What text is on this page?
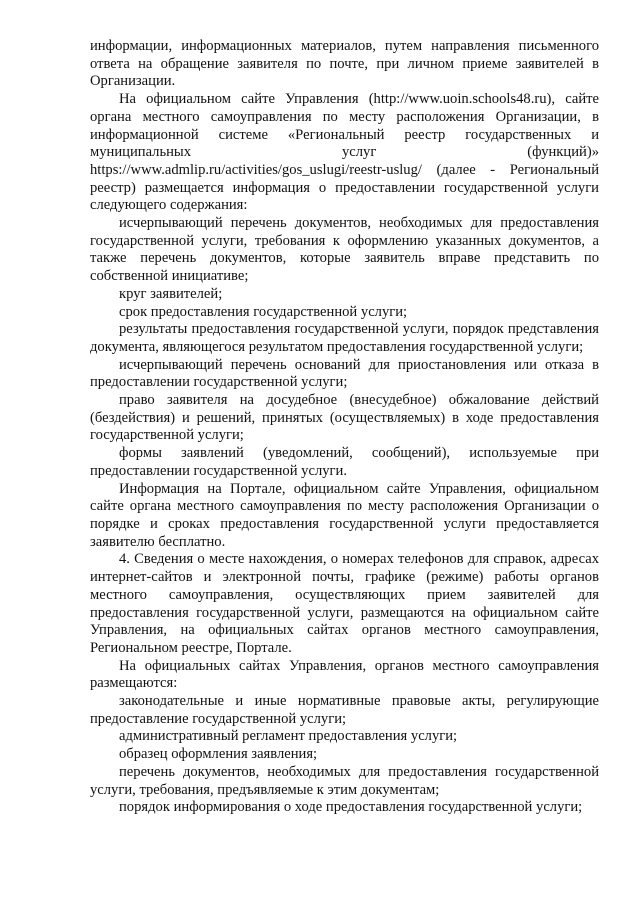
информации, информационных материалов, путем направления письменного ответа на обращение заявителя по почте, при личном приеме заявителей в Организации.

На официальном сайте Управления (http://www.uoin.schools48.ru), сайте органа местного самоуправления по месту расположения Организации, в информационной системе «Региональный реестр государственных и муниципальных услуг (функций)» https://www.admlip.ru/activities/gos_uslugi/reestr-uslug/ (далее - Региональный реестр) размещается информация о предоставлении государственной услуги следующего содержания:

исчерпывающий перечень документов, необходимых для предоставления государственной услуги, требования к оформлению указанных документов, а также перечень документов, которые заявитель вправе представить по собственной инициативе;

круг заявителей;

срок предоставления государственной услуги;

результаты предоставления государственной услуги, порядок представления документа, являющегося результатом предоставления государственной услуги;

исчерпывающий перечень оснований для приостановления или отказа в предоставлении государственной услуги;

право заявителя на досудебное (внесудебное) обжалование действий (бездействия) и решений, принятых (осуществляемых) в ходе предоставления государственной услуги;

формы заявлений (уведомлений, сообщений), используемые при предоставлении государственной услуги.

Информация на Портале, официальном сайте Управления, официальном сайте органа местного самоуправления по месту расположения Организации о порядке и сроках предоставления государственной услуги предоставляется заявителю бесплатно.

4. Сведения о месте нахождения, о номерах телефонов для справок, адресах интернет-сайтов и электронной почты, графике (режиме) работы органов местного самоуправления, осуществляющих прием заявителей для предоставления государственной услуги, размещаются на официальном сайте Управления, на официальных сайтах органов местного самоуправления, Региональном реестре, Портале.

На официальных сайтах Управления, органов местного самоуправления размещаются:

законодательные и иные нормативные правовые акты, регулирующие предоставление государственной услуги;

административный регламент предоставления услуги;

образец оформления заявления;

перечень документов, необходимых для предоставления государственной услуги, требования, предъявляемые к этим документам;

порядок информирования о ходе предоставления государственной услуги;
